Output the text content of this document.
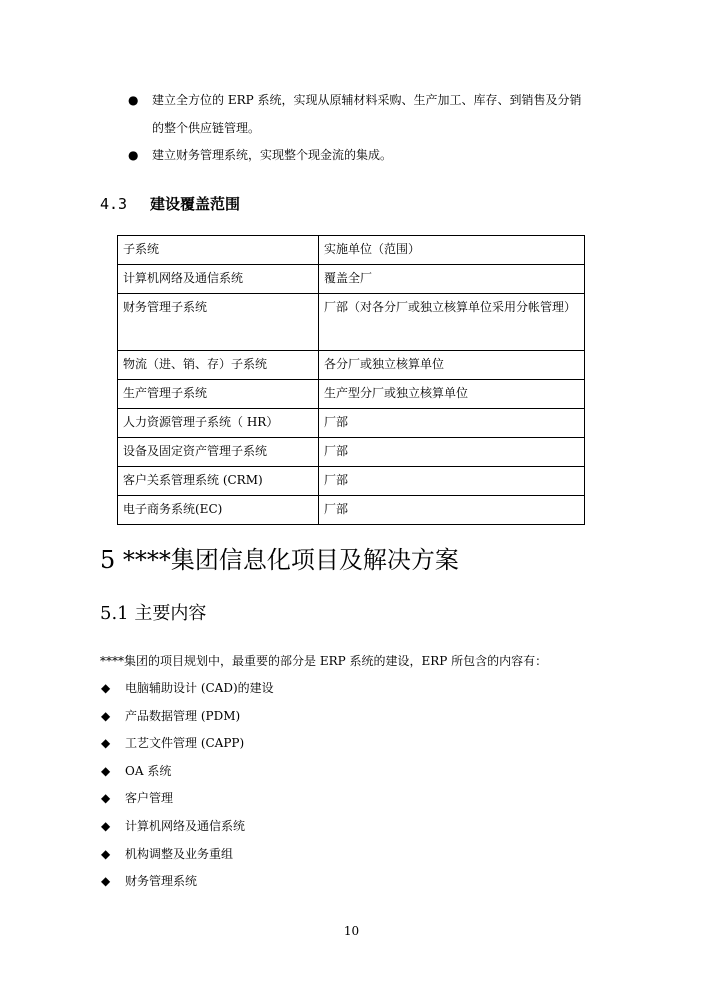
● 建立全方位的 ERP 系统，实现从原辅材料采购、生产加工、库存、到销售及分销
的整个供应链管理。
● 建立财务管理系统，实现整个现金流的集成。
4.3 建设覆盖范围
子系统	实施单位（范围）
计算机网络及通信系统	覆盖全厂
财务管理子系统	厂部（对各分厂或独立核算单位采用分帐管理）
物流（进、销、存）子系统	各分厂或独立核算单位
生产管理子系统	生产型分厂或独立核算单位
人力资源管理子系统（ HR）	厂部
设备及固定资产管理子系统	厂部
客户关系管理系统 (CRM)	厂部
电子商务系统(EC)	厂部
5 ****集团信息化项目及解决方案
5.1 主要内容
****集团的项目规划中，最重要的部分是 ERP 系统的建设，ERP 所包含的内容有：
◆ 电脑辅助设计 (CAD)的建设
◆ 产品数据管理 (PDM)
◆ 工艺文件管理 (CAPP)
◆ OA 系统
◆ 客户管理
◆ 计算机网络及通信系统
◆ 机构调整及业务重组
◆ 财务管理系统
10
